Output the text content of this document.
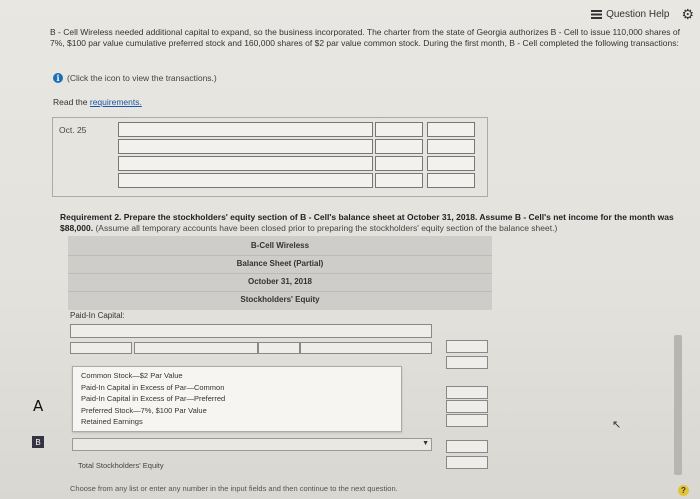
Question Help ⚙
B - Cell Wireless needed additional capital to expand, so the business incorporated. The charter from the state of Georgia authorizes B - Cell to issue 110,000 shares of 7%, $100 par value cumulative preferred stock and 160,000 shares of $2 par value common stock. During the first month, B - Cell completed the following transactions:
i (Click the icon to view the transactions.)
Read the requirements.
Oct. 25
Requirement 2. Prepare the stockholders' equity section of B - Cell's balance sheet at October 31, 2018. Assume B - Cell's net income for the month was $88,000. (Assume all temporary accounts have been closed prior to preparing the stockholders' equity section of the balance sheet.)
B-Cell Wireless
Balance Sheet (Partial)
October 31, 2018
Stockholders' Equity
Paid-In Capital:
Common Stock—$2 Par Value
Paid-In Capital in Excess of Par—Common
Paid-In Capital in Excess of Par—Preferred
Preferred Stock—7%, $100 Par Value
Retained Earnings
▼
Total Stockholders' Equity
Choose from any list or enter any number in the input fields and then continue to the next question.	?
A
B
↖
